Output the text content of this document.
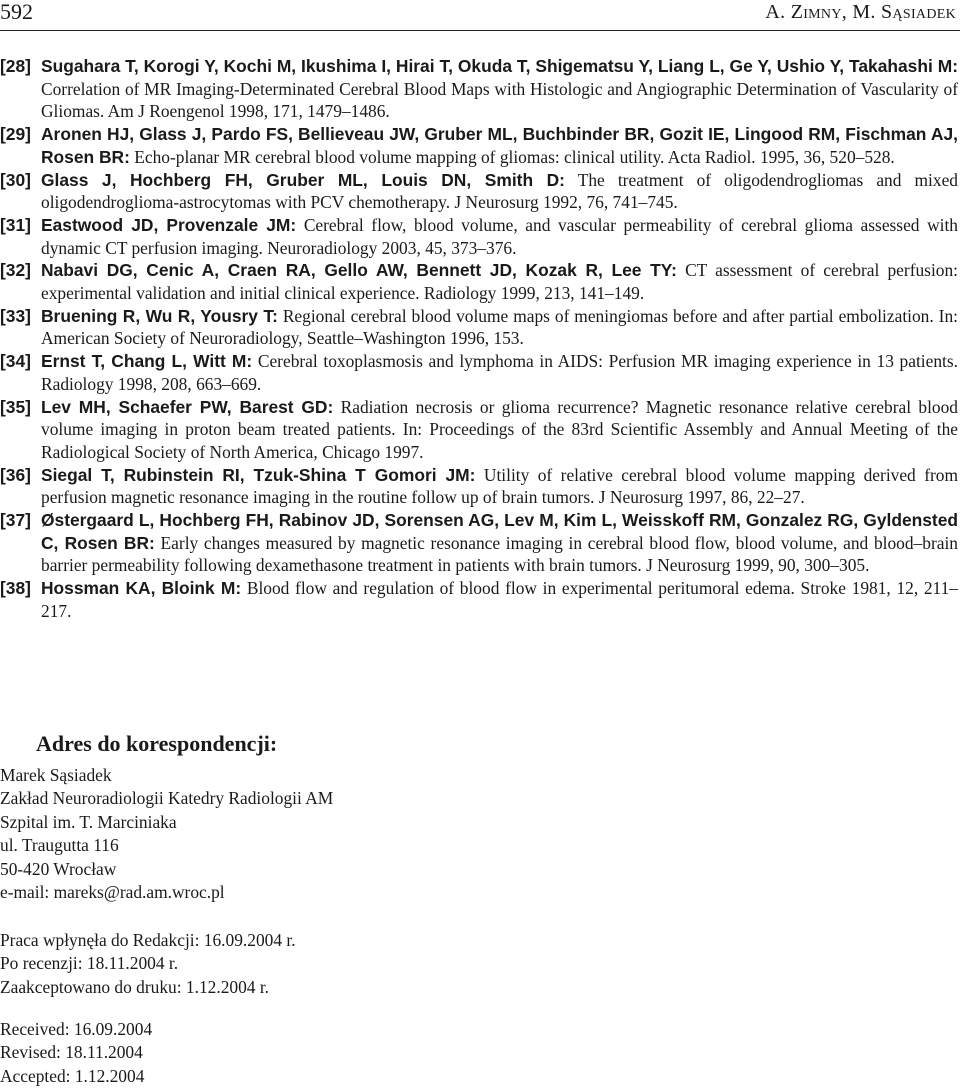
592	A. Zimny, M. Sąsiadek
[28] Sugahara T, Korogi Y, Kochi M, Ikushima I, Hirai T, Okuda T, Shigematsu Y, Liang L, Ge Y, Ushio Y, Takahashi M: Correlation of MR Imaging-Determinated Cerebral Blood Maps with Histologic and Angiographic Determination of Vascularity of Gliomas. Am J Roengenol 1998, 171, 1479–1486.
[29] Aronen HJ, Glass J, Pardo FS, Bellieveau JW, Gruber ML, Buchbinder BR, Gozit IE, Lingood RM, Fischman AJ, Rosen BR: Echo-planar MR cerebral blood volume mapping of gliomas: clinical utility. Acta Radiol. 1995, 36, 520–528.
[30] Glass J, Hochberg FH, Gruber ML, Louis DN, Smith D: The treatment of oligodendrogliomas and mixed oligodendroglioma-astrocytomas with PCV chemotherapy. J Neurosurg 1992, 76, 741–745.
[31] Eastwood JD, Provenzale JM: Cerebral flow, blood volume, and vascular permeability of cerebral glioma assessed with dynamic CT perfusion imaging. Neuroradiology 2003, 45, 373–376.
[32] Nabavi DG, Cenic A, Craen RA, Gello AW, Bennett JD, Kozak R, Lee TY: CT assessment of cerebral perfusion: experimental validation and initial clinical experience. Radiology 1999, 213, 141–149.
[33] Bruening R, Wu R, Yousry T: Regional cerebral blood volume maps of meningiomas before and after partial embolization. In: American Society of Neuroradiology, Seattle–Washington 1996, 153.
[34] Ernst T, Chang L, Witt M: Cerebral toxoplasmosis and lymphoma in AIDS: Perfusion MR imaging experience in 13 patients. Radiology 1998, 208, 663–669.
[35] Lev MH, Schaefer PW, Barest GD: Radiation necrosis or glioma recurrence? Magnetic resonance relative cerebral blood volume imaging in proton beam treated patients. In: Proceedings of the 83rd Scientific Assembly and Annual Meeting of the Radiological Society of North America, Chicago 1997.
[36] Siegal T, Rubinstein RI, Tzuk-Shina T Gomori JM: Utility of relative cerebral blood volume mapping derived from perfusion magnetic resonance imaging in the routine follow up of brain tumors. J Neurosurg 1997, 86, 22–27.
[37] Østergaard L, Hochberg FH, Rabinov JD, Sorensen AG, Lev M, Kim L, Weisskoff RM, Gonzalez RG, Gyldensted C, Rosen BR: Early changes measured by magnetic resonance imaging in cerebral blood flow, blood volume, and blood–brain barrier permeability following dexamethasone treatment in patients with brain tumors. J Neurosurg 1999, 90, 300–305.
[38] Hossman KA, Bloink M: Blood flow and regulation of blood flow in experimental peritumoral edema. Stroke 1981, 12, 211–217.
Adres do korespondencji:
Marek Sąsiadek
Zakład Neuroradiologii Katedry Radiologii AM
Szpital im. T. Marciniaka
ul. Traugutta 116
50-420 Wrocław
e-mail: mareks@rad.am.wroc.pl
Praca wpłynęła do Redakcji: 16.09.2004 r.
Po recenzji: 18.11.2004 r.
Zaakceptowano do druku: 1.12.2004 r.
Received: 16.09.2004
Revised: 18.11.2004
Accepted: 1.12.2004
